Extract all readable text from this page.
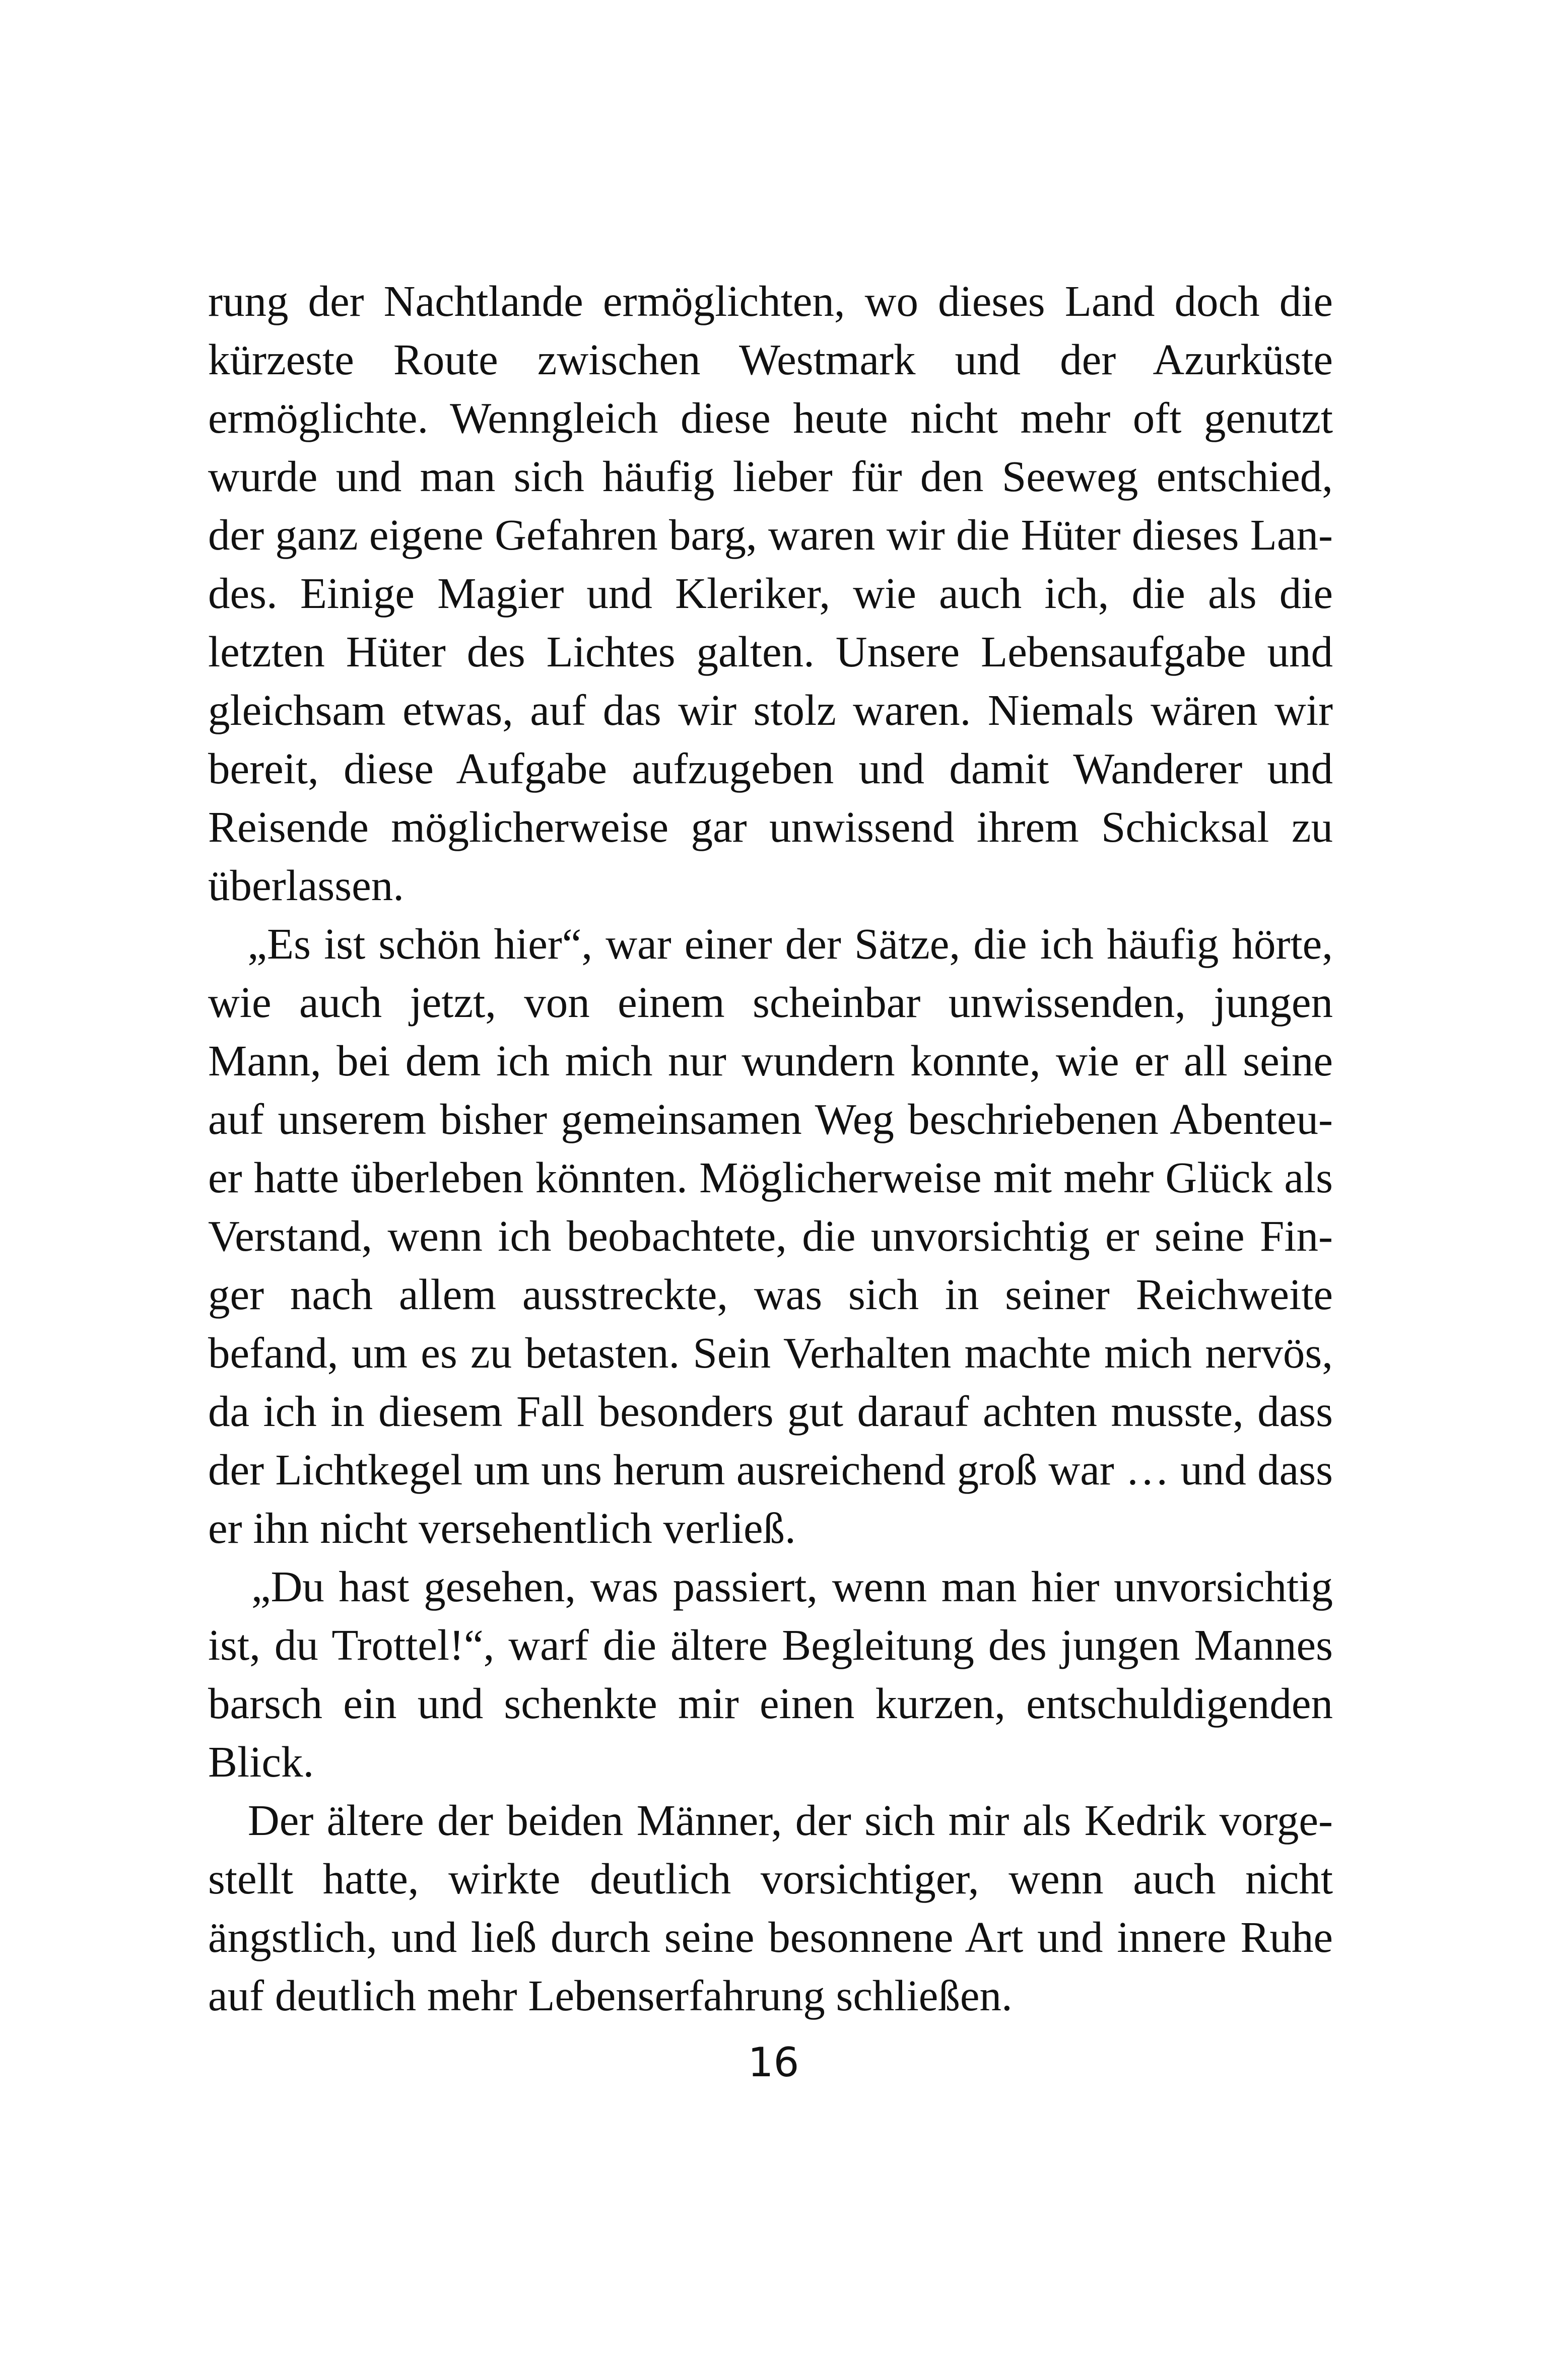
rung der Nachtlande ermöglichten, wo dieses Land doch die
kürzeste Route zwischen Westmark und der Azurküste
ermöglichte. Wenngleich diese heute nicht mehr oft genutzt
wurde und man sich häufig lieber für den Seeweg entschied,
der ganz eigene Gefahren barg, waren wir die Hüter dieses Lan-
des. Einige Magier und Kleriker, wie auch ich, die als die
letzten Hüter des Lichtes galten. Unsere Lebensaufgabe und
gleichsam etwas, auf das wir stolz waren. Niemals wären wir
bereit, diese Aufgabe aufzugeben und damit Wanderer und
Reisende möglicherweise gar unwissend ihrem Schicksal zu
überlassen.
„Es ist schön hier“, war einer der Sätze, die ich häufig hörte,
wie auch jetzt, von einem scheinbar unwissenden, jungen
Mann, bei dem ich mich nur wundern konnte, wie er all seine
auf unserem bisher gemeinsamen Weg beschriebenen Abenteu-
er hatte überleben könnten. Möglicherweise mit mehr Glück als
Verstand, wenn ich beobachtete, die unvorsichtig er seine Fin-
ger nach allem ausstreckte, was sich in seiner Reichweite
befand, um es zu betasten. Sein Verhalten machte mich nervös,
da ich in diesem Fall besonders gut darauf achten musste, dass
der Lichtkegel um uns herum ausreichend groß war … und dass
er ihn nicht versehentlich verließ.
„Du hast gesehen, was passiert, wenn man hier unvorsichtig
ist, du Trottel!“, warf die ältere Begleitung des jungen Mannes
barsch ein und schenkte mir einen kurzen, entschuldigenden
Blick.
Der ältere der beiden Männer, der sich mir als Kedrik vorge-
stellt hatte, wirkte deutlich vorsichtiger, wenn auch nicht
ängstlich, und ließ durch seine besonnene Art und innere Ruhe
auf deutlich mehr Lebenserfahrung schließen.
16
